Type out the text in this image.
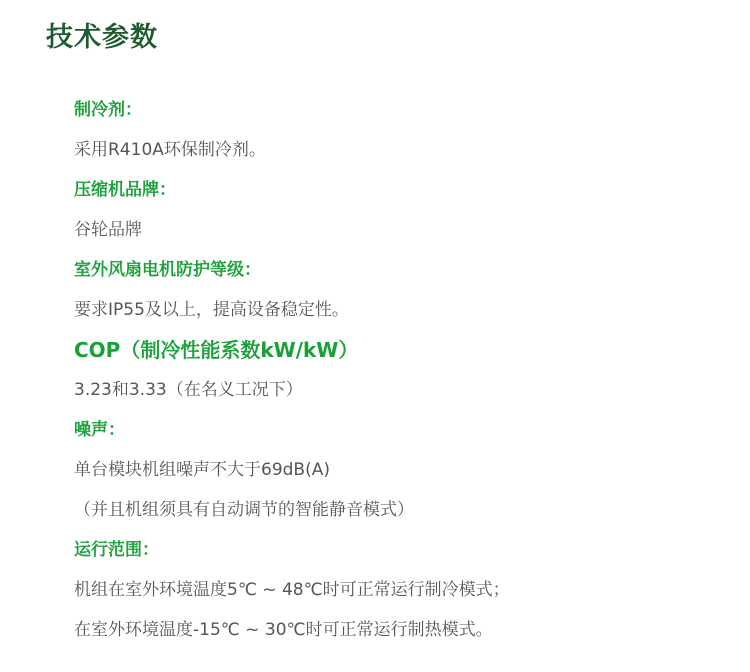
技术参数
制冷剂：
采用R410A环保制冷剂。
压缩机品牌：
谷轮品牌
室外风扇电机防护等级：
要求IP55及以上，提高设备稳定性。
COP（制冷性能系数kW/kW）
3.23和3.33（在名义工况下）
噪声：
单台模块机组噪声不大于69dB(A)
（并且机组须具有自动调节的智能静音模式）
运行范围：
机组在室外环境温度5℃ ~ 48℃时可正常运行制冷模式；
在室外环境温度-15℃ ~ 30℃时可正常运行制热模式。
